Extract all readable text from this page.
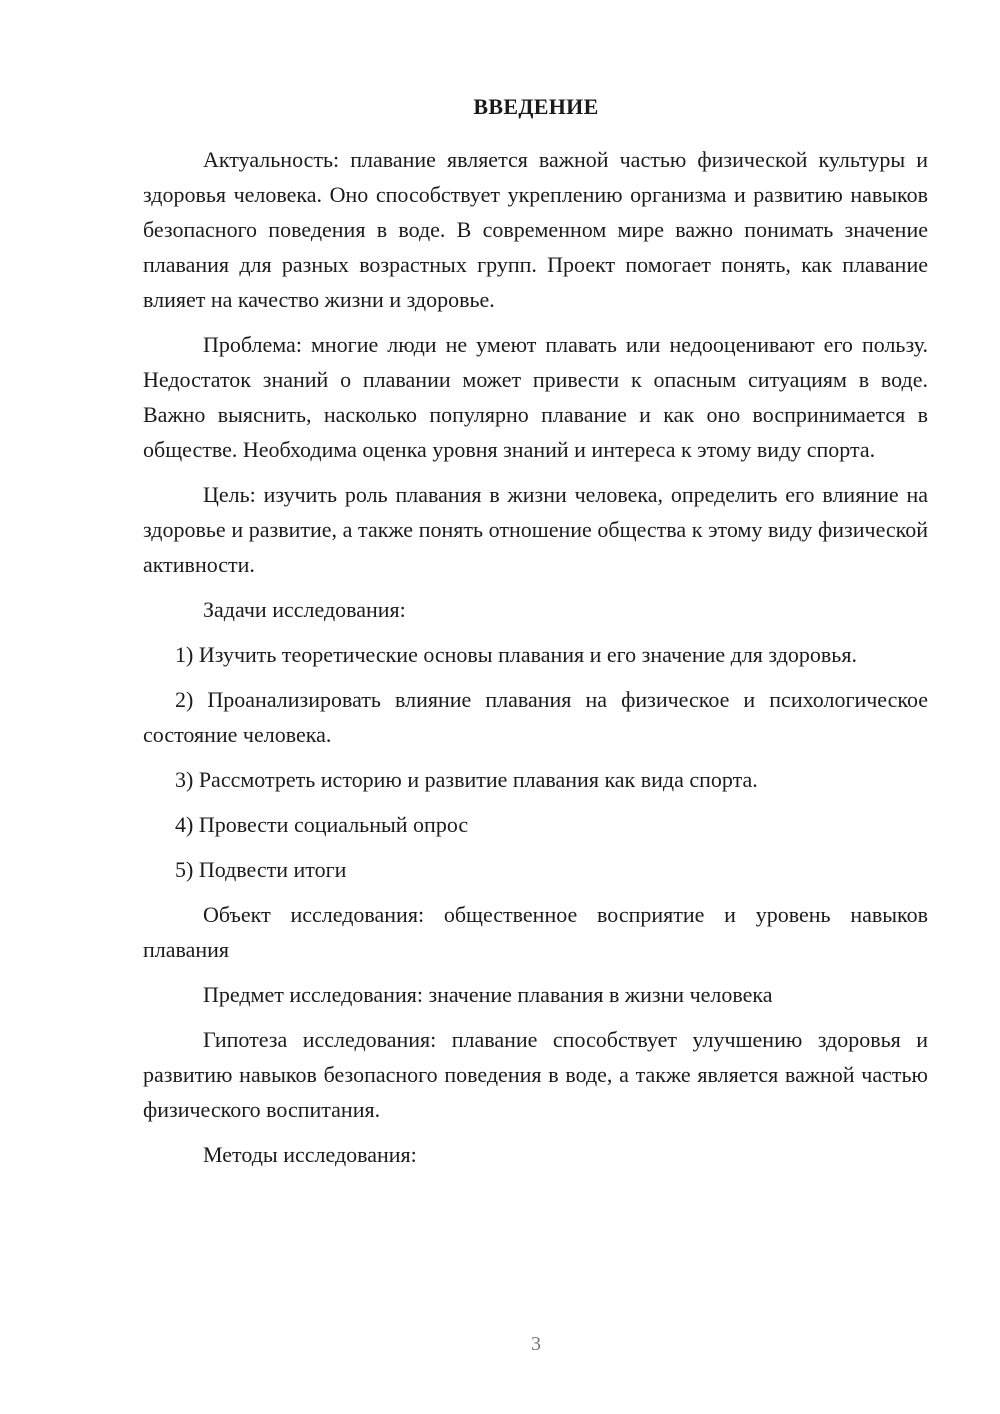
ВВЕДЕНИЕ

Актуальность: плавание является важной частью физической культуры и здоровья человека. Оно способствует укреплению организма и развитию навыков безопасного поведения в воде. В современном мире важно понимать значение плавания для разных возрастных групп. Проект помогает понять, как плавание влияет на качество жизни и здоровье.

Проблема: многие люди не умеют плавать или недооценивают его пользу. Недостаток знаний о плавании может привести к опасным ситуациям в воде. Важно выяснить, насколько популярно плавание и как оно воспринимается в обществе. Необходима оценка уровня знаний и интереса к этому виду спорта.

Цель: изучить роль плавания в жизни человека, определить его влияние на здоровье и развитие, а также понять отношение общества к этому виду физической активности.

Задачи исследования:

1) Изучить теоретические основы плавания и его значение для здоровья.

2) Проанализировать влияние плавания на физическое и психологическое состояние человека.

3) Рассмотреть историю и развитие плавания как вида спорта.

4) Провести социальный опрос

5) Подвести итоги

Объект исследования: общественное восприятие и уровень навыков плавания

Предмет исследования: значение плавания в жизни человека

Гипотеза исследования: плавание способствует улучшению здоровья и развитию навыков безопасного поведения в воде, а также является важной частью физического воспитания.

Методы исследования:

3
